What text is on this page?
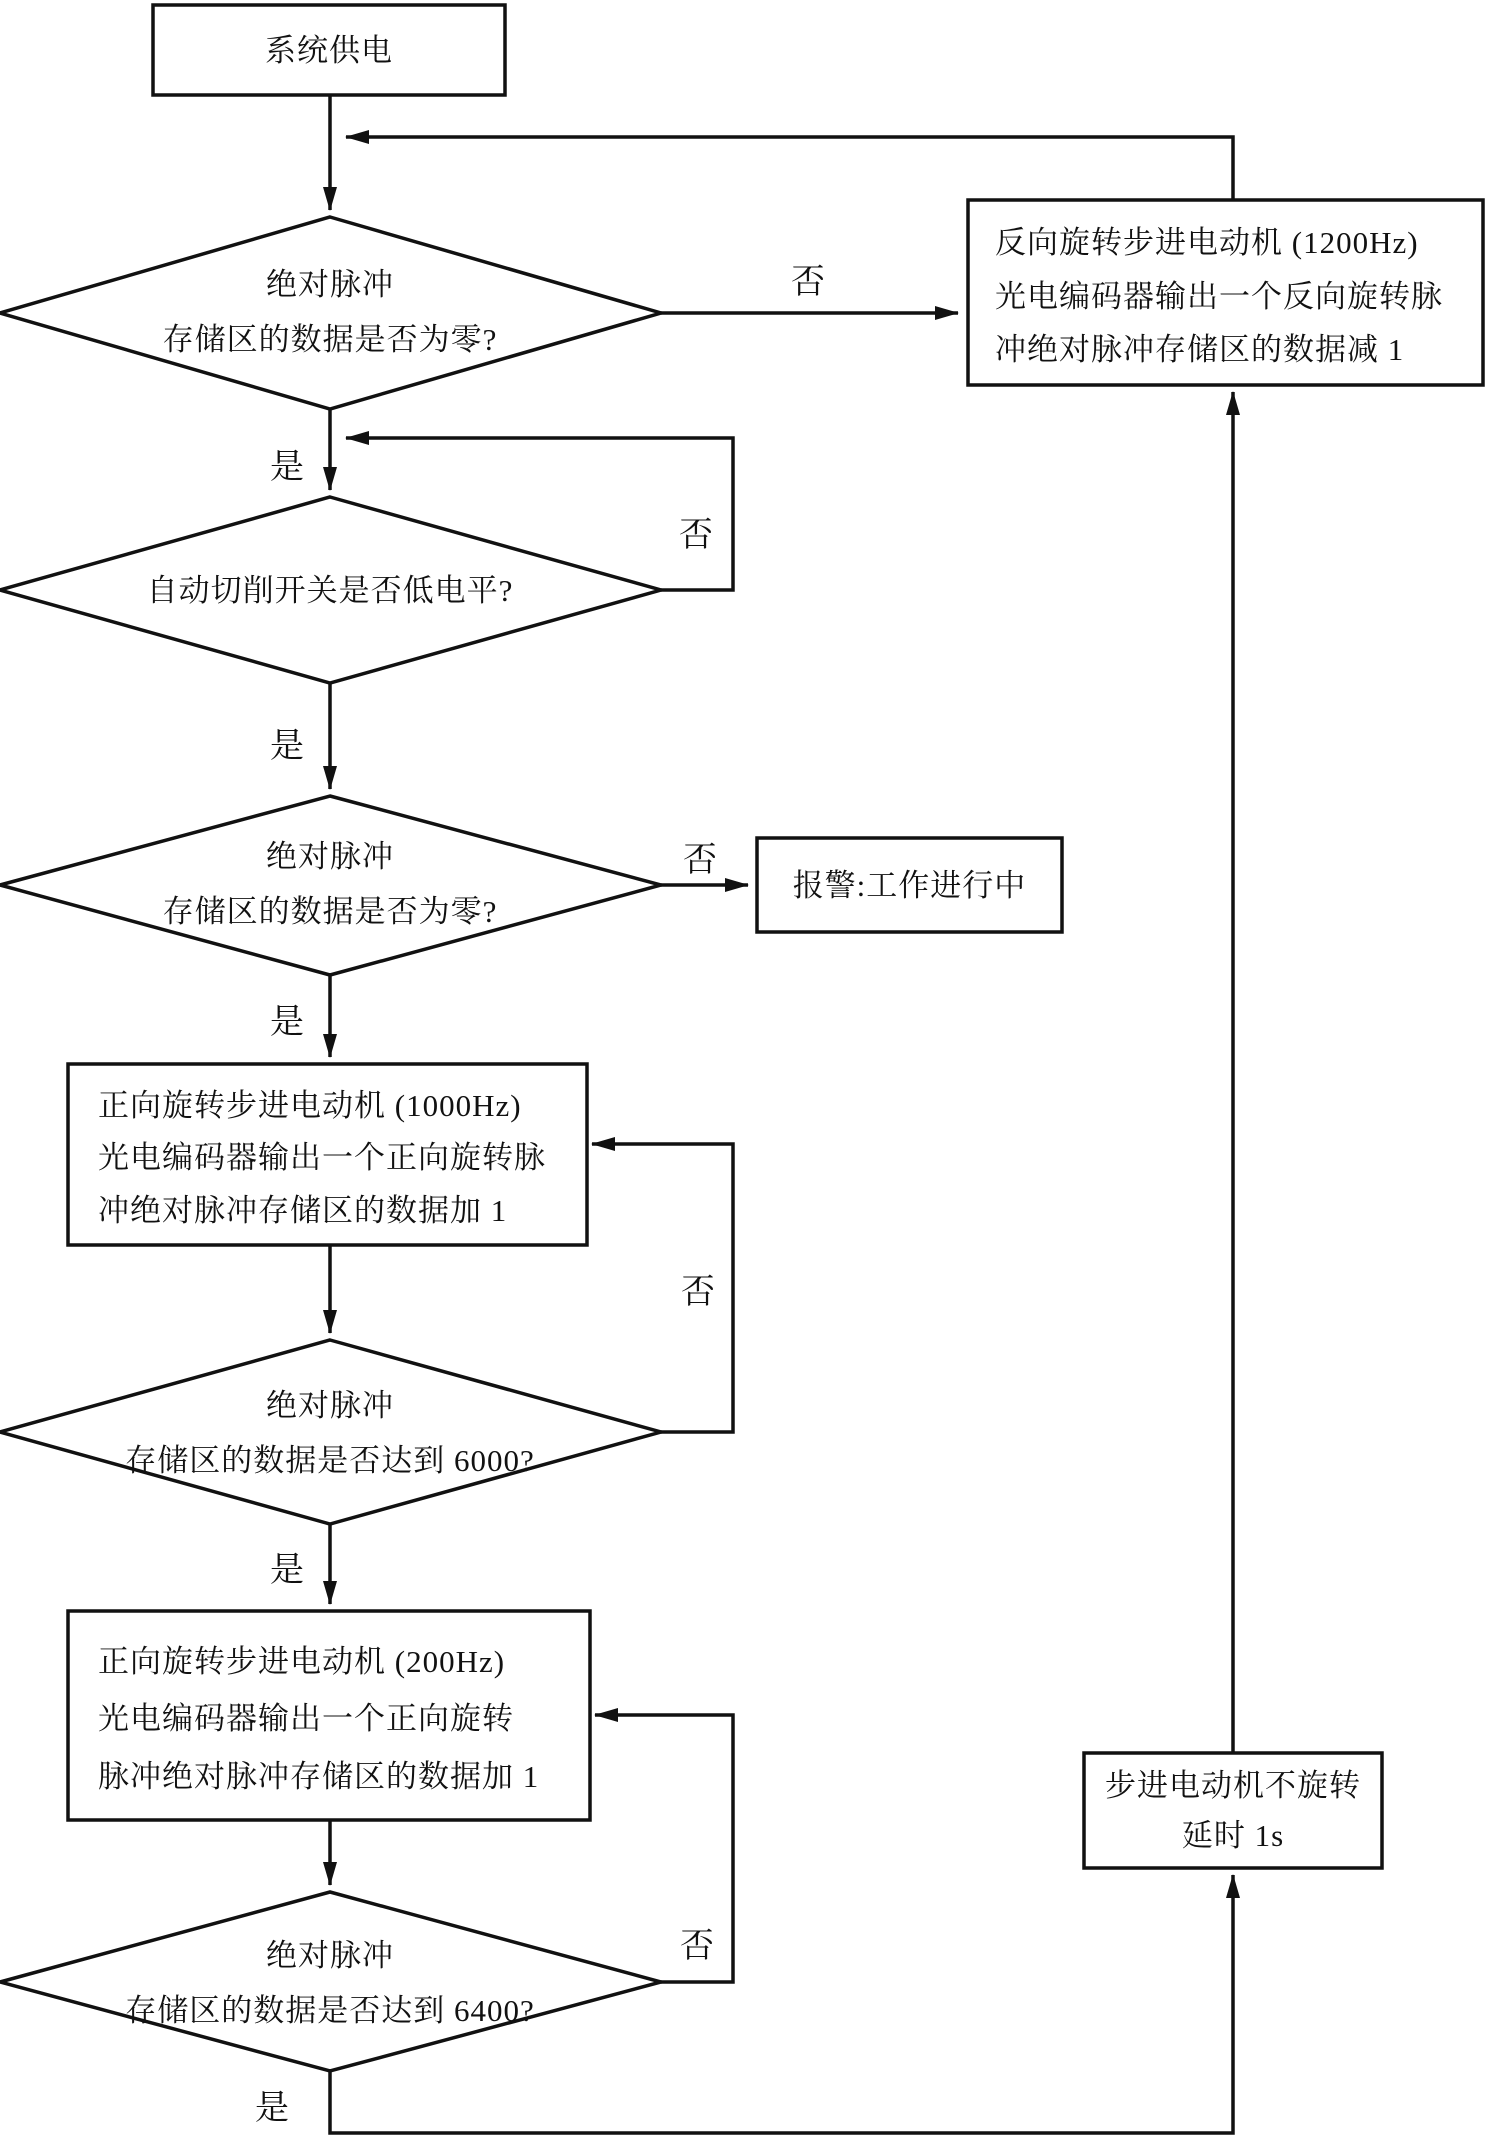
系统供电
绝对脉冲
存储区的数据是否为零?
反向旋转步进电动机 (1200Hz)
光电编码器输出一个反向旋转脉
冲绝对脉冲存储区的数据减 1
自动切削开关是否低电平?
绝对脉冲
存储区的数据是否为零?
报警:工作进行中
正向旋转步进电动机 (1000Hz)
光电编码器输出一个正向旋转脉
冲绝对脉冲存储区的数据加 1
绝对脉冲
存储区的数据是否达到 6000?
正向旋转步进电动机 (200Hz)
光电编码器输出一个正向旋转
脉冲绝对脉冲存储区的数据加 1
绝对脉冲
存储区的数据是否达到 6400?
步进电动机不旋转
延时 1s
否
是
否
是
否
是
否
是
否
是
